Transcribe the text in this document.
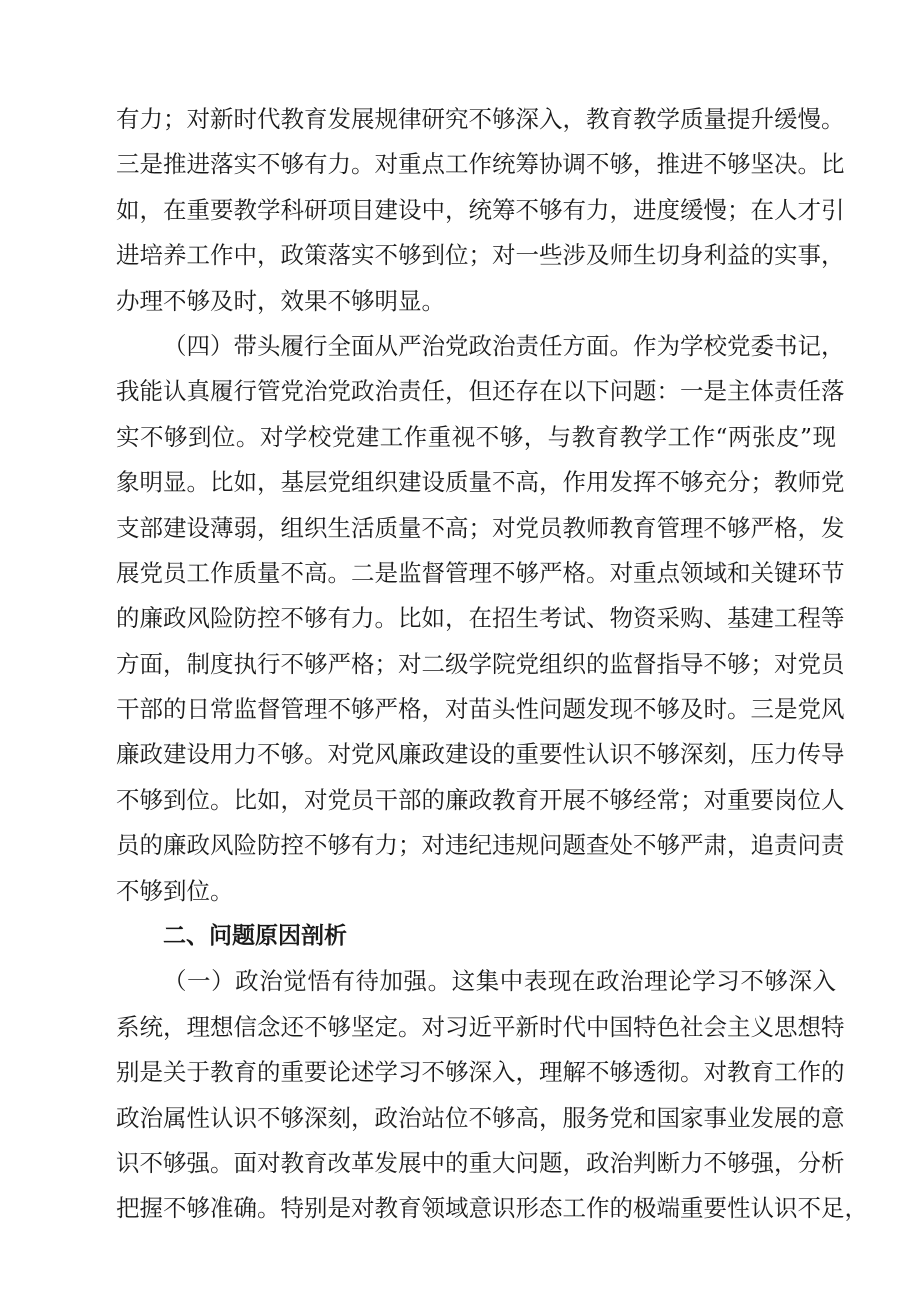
有力；对新时代教育发展规律研究不够深入，教育教学质量提升缓慢。
三是推进落实不够有力。对重点工作统筹协调不够，推进不够坚决。比
如，在重要教学科研项目建设中，统筹不够有力，进度缓慢；在人才引
进培养工作中，政策落实不够到位；对一些涉及师生切身利益的实事，
办理不够及时，效果不够明显。
（四）带头履行全面从严治党政治责任方面。作为学校党委书记，
我能认真履行管党治党政治责任，但还存在以下问题：一是主体责任落
实不够到位。对学校党建工作重视不够，与教育教学工作“两张皮”现
象明显。比如，基层党组织建设质量不高，作用发挥不够充分；教师党
支部建设薄弱，组织生活质量不高；对党员教师教育管理不够严格，发
展党员工作质量不高。二是监督管理不够严格。对重点领域和关键环节
的廉政风险防控不够有力。比如，在招生考试、物资采购、基建工程等
方面，制度执行不够严格；对二级学院党组织的监督指导不够；对党员
干部的日常监督管理不够严格，对苗头性问题发现不够及时。三是党风
廉政建设用力不够。对党风廉政建设的重要性认识不够深刻，压力传导
不够到位。比如，对党员干部的廉政教育开展不够经常；对重要岗位人
员的廉政风险防控不够有力；对违纪违规问题查处不够严肃，追责问责
不够到位。
二、问题原因剖析
（一）政治觉悟有待加强。这集中表现在政治理论学习不够深入
系统，理想信念还不够坚定。对习近平新时代中国特色社会主义思想特
别是关于教育的重要论述学习不够深入，理解不够透彻。对教育工作的
政治属性认识不够深刻，政治站位不够高，服务党和国家事业发展的意
识不够强。面对教育改革发展中的重大问题，政治判断力不够强，分析
把握不够准确。特别是对教育领域意识形态工作的极端重要性认识不足，
